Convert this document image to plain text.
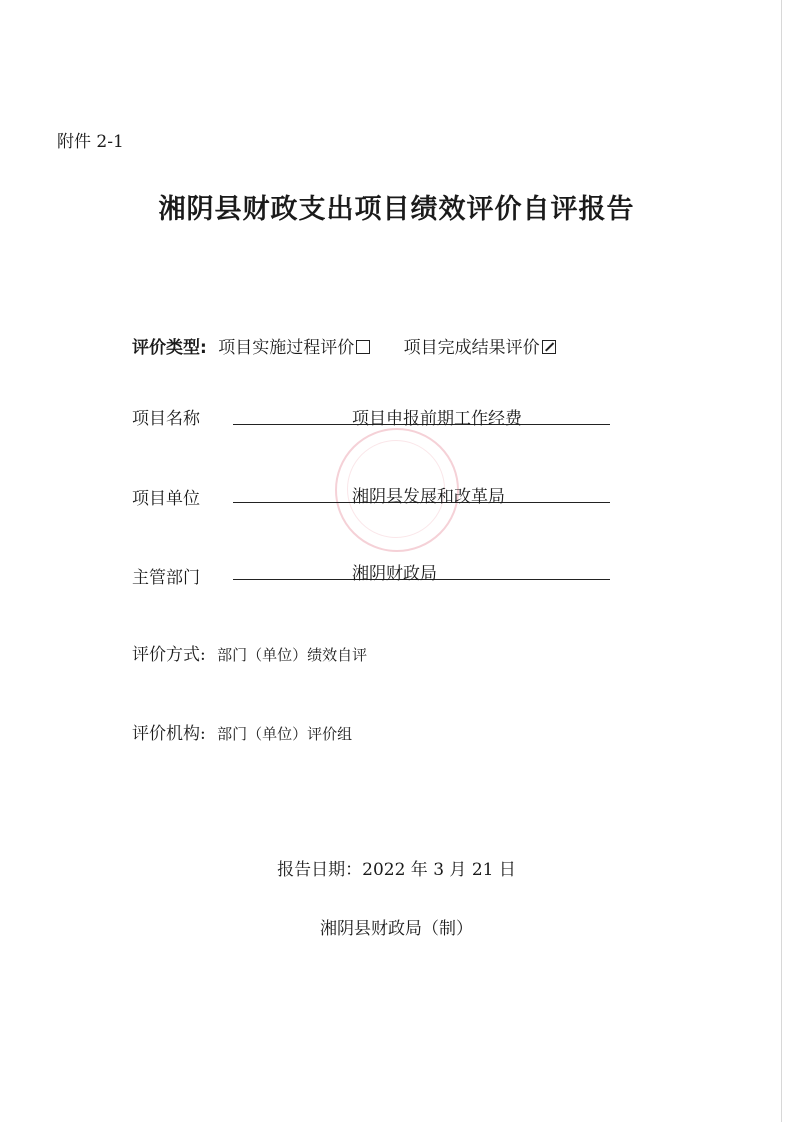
附件 2-1
湘阴县财政支出项目绩效评价自评报告
评价类型: 项目实施过程评价	项目完成结果评价
项目名称	项目申报前期工作经费
项目单位	湘阴县发展和改革局
主管部门	湘阴财政局
评价方式: 部门（单位）绩效自评
评价机构: 部门（单位）评价组
报告日期：2022 年 3 月 21 日
湘阴县财政局（制）
